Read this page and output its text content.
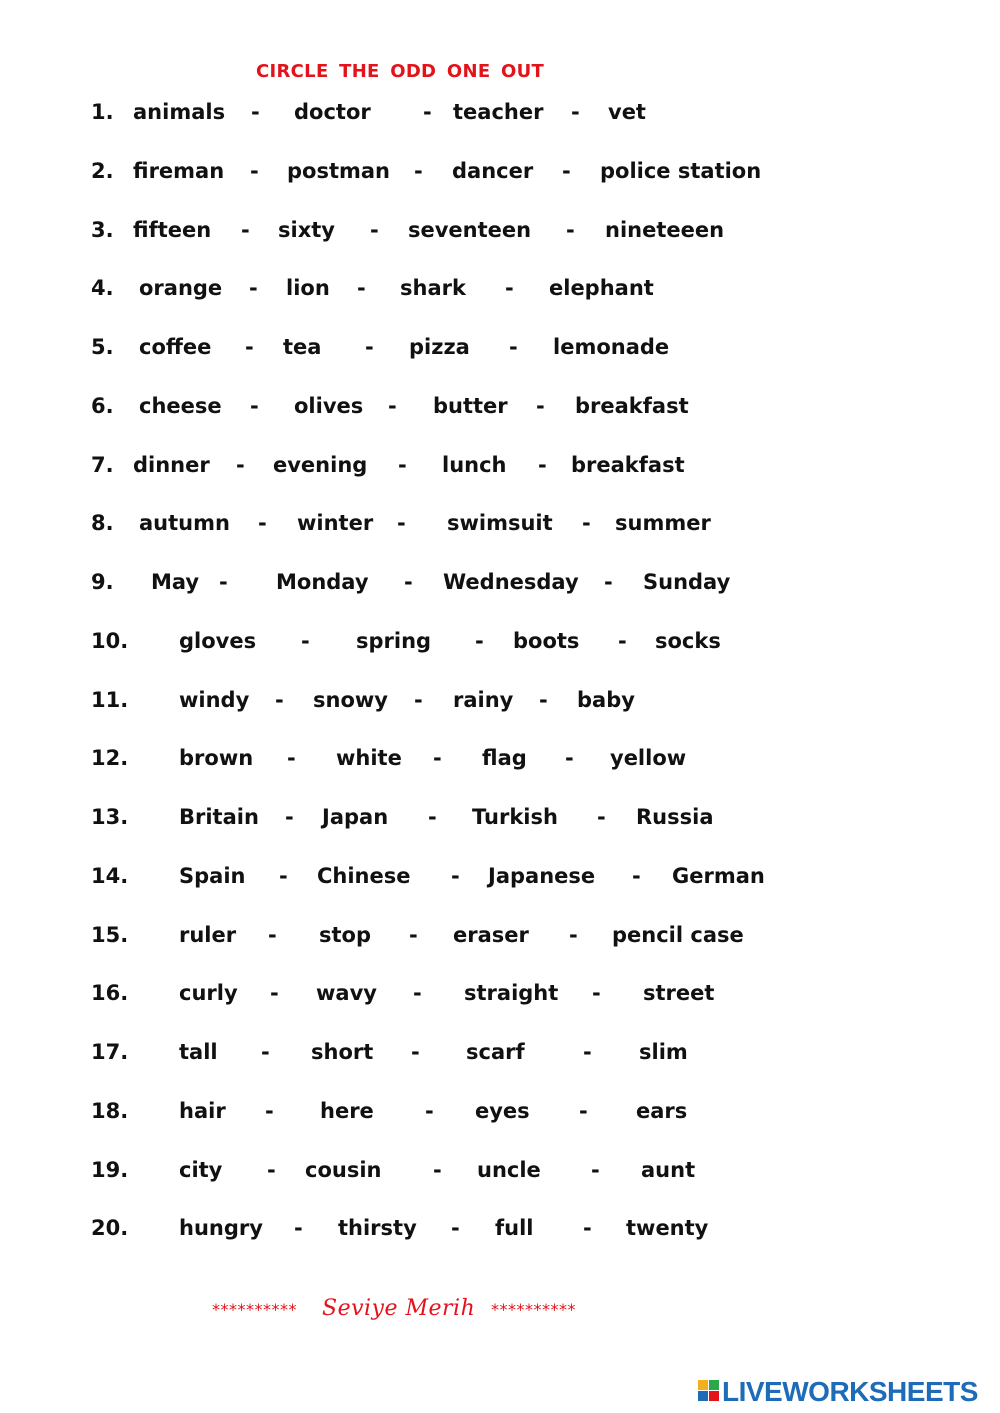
CIRCLE THE ODD ONE OUT
1. animals - doctor - teacher - vet
2. fireman - postman - dancer - police station
3. fifteen - sixty - seventeen - nineteeen
4. orange - lion - shark - elephant
5. coffee - tea - pizza - lemonade
6. cheese - olives - butter - breakfast
7. dinner - evening - lunch - breakfast
8. autumn - winter - swimsuit - summer
9. May - Monday - Wednesday - Sunday
10. gloves - spring - boots - socks
11. windy - snowy - rainy - baby
12. brown - white - flag - yellow
13. Britain - Japan - Turkish - Russia
14. Spain - Chinese - Japanese - German
15. ruler - stop - eraser - pencil case
16. curly - wavy - straight - street
17. tall - short - scarf	- slim
18. hair - here - eyes - ears
19. city - cousin - uncle - aunt
20. hungry - thirsty - full - twenty
********** Seviye Merih **********
LIVEWORKSHEETS
